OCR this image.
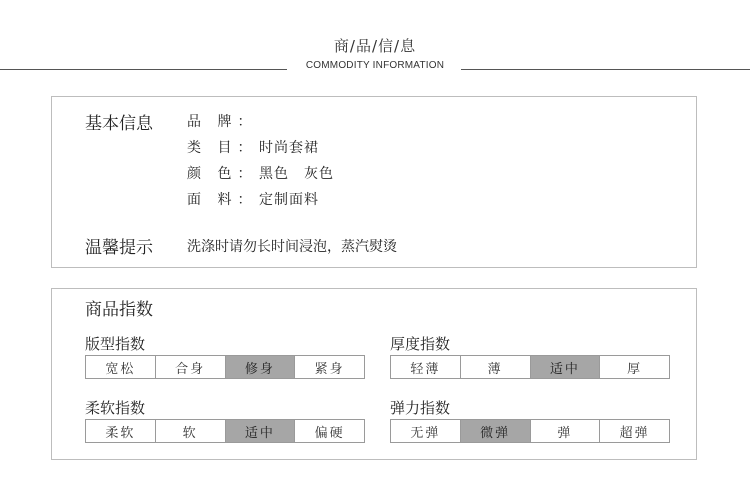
商/品/信/息
COMMODITY INFORMATION
基本信息 品 牌：
类 目： 时尚套裙
颜 色： 黑色　灰色
面 料： 定制面料
温馨提示 洗涤时请勿长时间浸泡，蒸汽熨烫
商品指数
版型指数
宽松	合身	修身	紧身
厚度指数
轻薄	薄	适中	厚
柔软指数
柔软	软	适中	偏硬
弹力指数
无弹	微弹	弹	超弹
